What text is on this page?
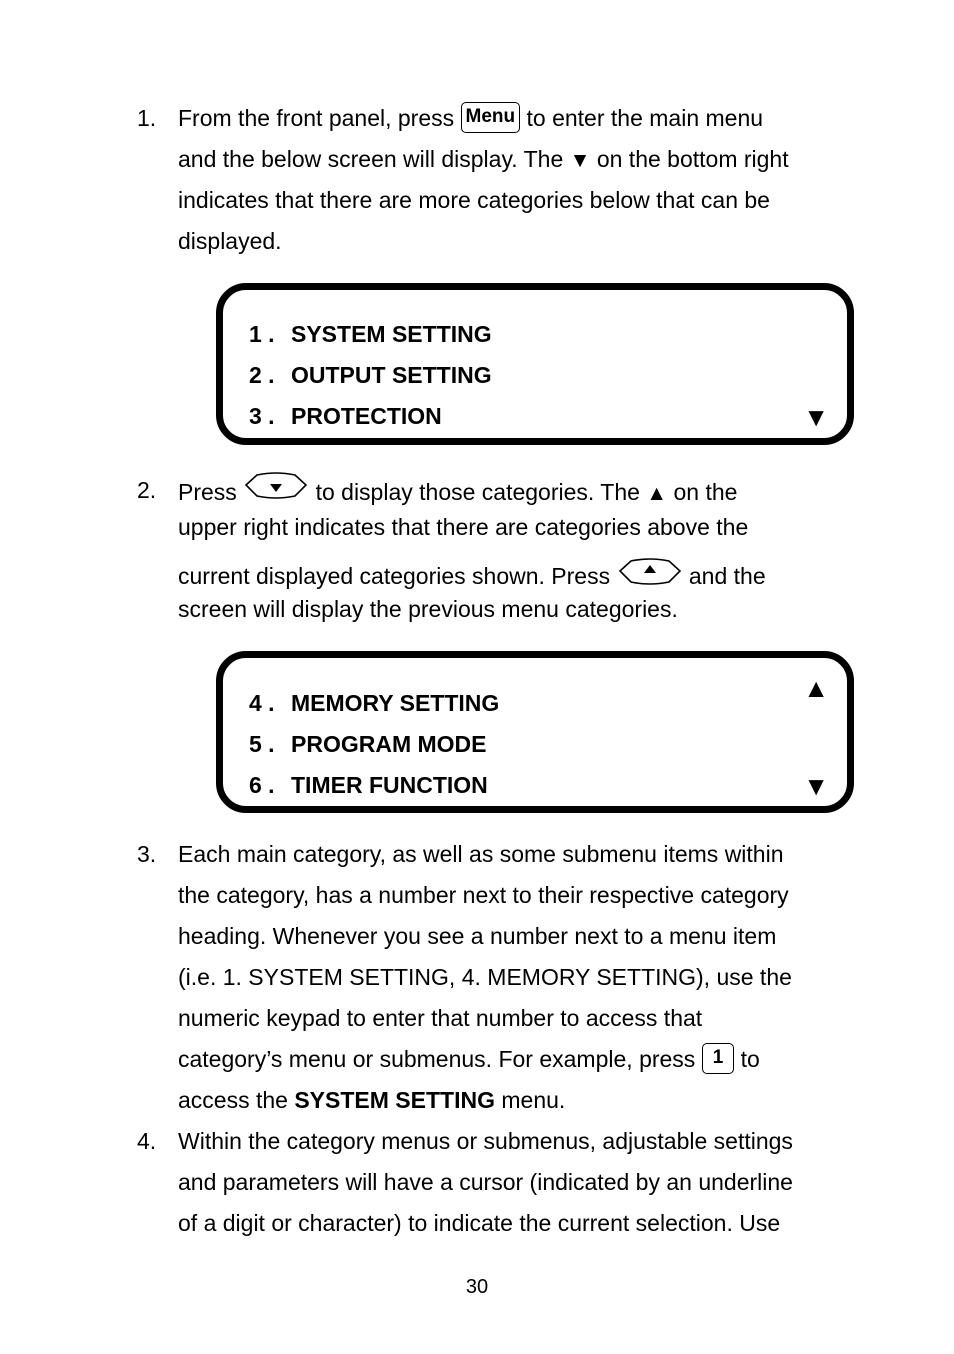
1. From the front panel, press Menu to enter the main menu
and the below screen will display. The ▼ on the bottom right
indicates that there are more categories below that can be
displayed.
1 . SYSTEM SETTING
2 . OUTPUT SETTING
3 . PROTECTION	▼
2. Press	to display those categories. The ▲ on the
upper right indicates that there are categories above the
current displayed categories shown. Press	and the
screen will display the previous menu categories.
▲
4 . MEMORY SETTING
5 . PROGRAM MODE
6 . TIMER FUNCTION	▼
3. Each main category, as well as some submenu items within
the category, has a number next to their respective category
heading. Whenever you see a number next to a menu item
(i.e. 1. SYSTEM SETTING, 4. MEMORY SETTING), use the
numeric keypad to enter that number to access that
category’s menu or submenus. For example, press 1 to
access the SYSTEM SETTING menu.
4. Within the category menus or submenus, adjustable settings
and parameters will have a cursor (indicated by an underline
of a digit or character) to indicate the current selection. Use
30
